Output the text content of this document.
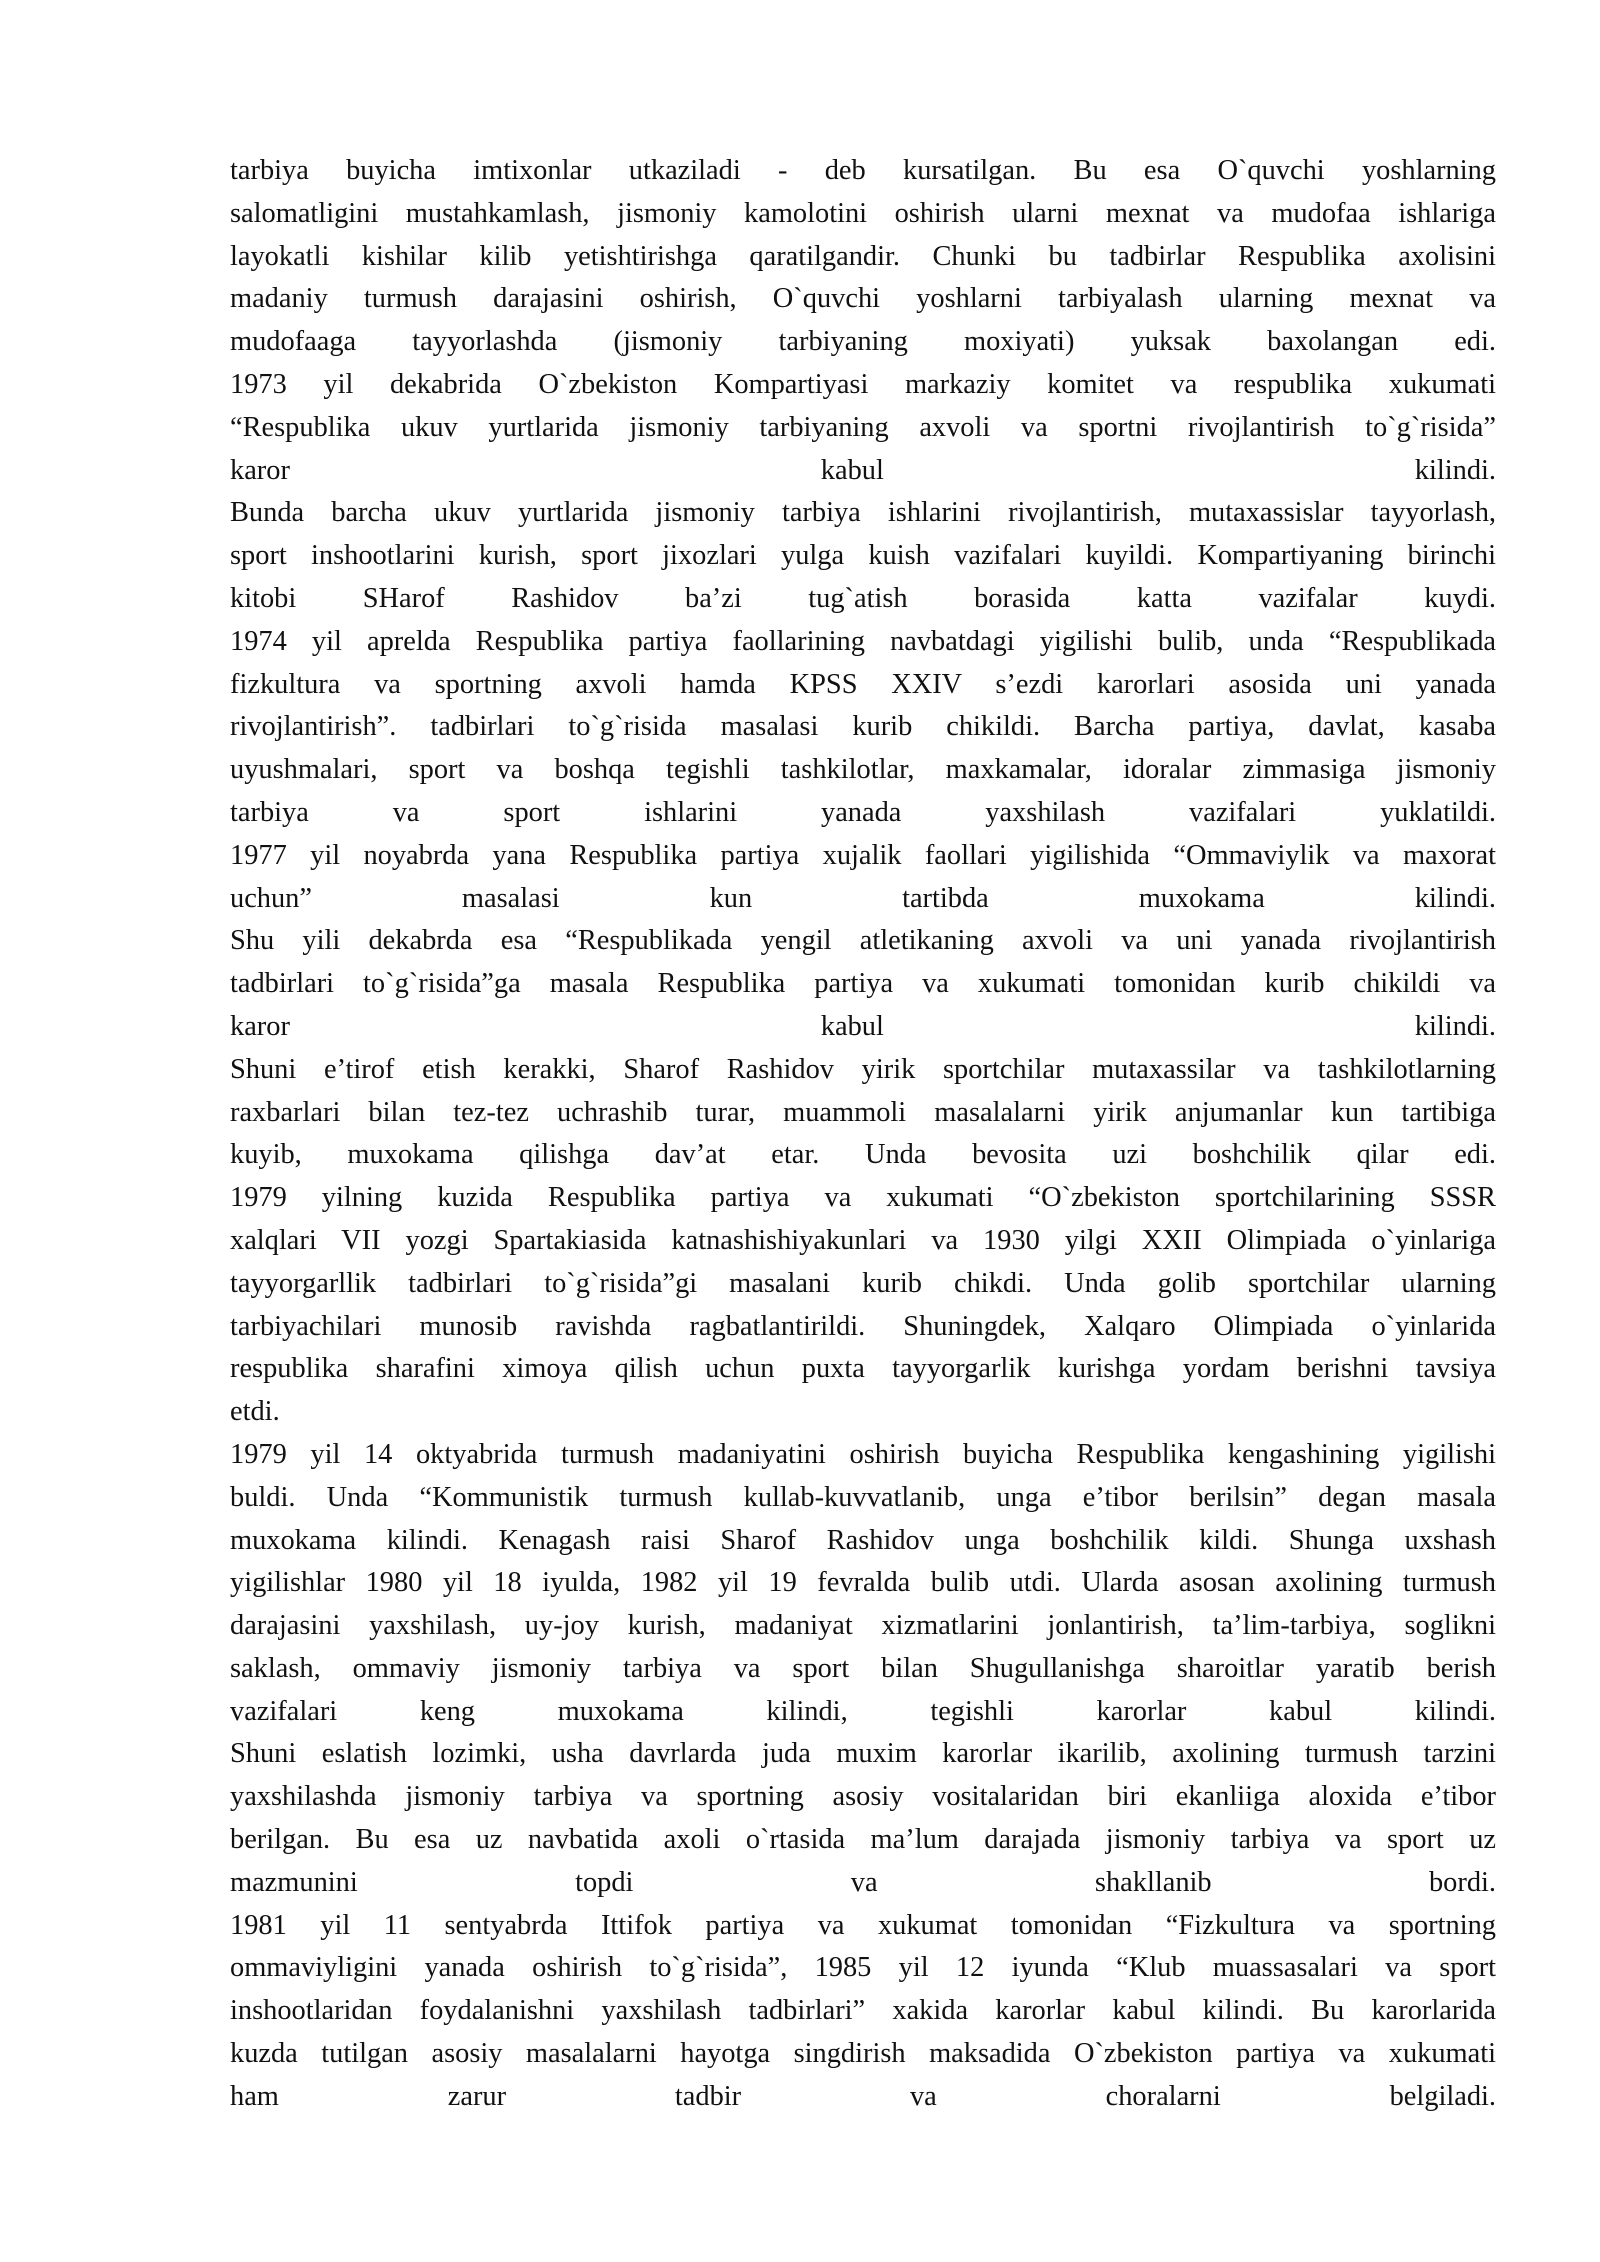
tarbiya buyicha imtixonlar utkaziladi - deb kursatilgan. Bu esa O`quvchi yoshlarning
salomatligini mustahkamlash, jismoniy kamolotini oshirish ularni mexnat va mudofaa ishlariga
layokatli kishilar kilib yetishtirishga qaratilgandir. Chunki bu tadbirlar Respublika axolisini
madaniy turmush darajasini oshirish, O`quvchi yoshlarni tarbiyalash ularning mexnat va
mudofaaga tayyorlashda (jismoniy tarbiyaning moxiyati) yuksak baxolangan edi.
1973 yil dekabrida O`zbekiston Kompartiyasi markaziy komitet va respublika xukumati
“Respublika ukuv yurtlarida jismoniy tarbiyaning axvoli va sportni rivojlantirish to`g`risida”
karor kabul kilindi.
Bunda barcha ukuv yurtlarida jismoniy tarbiya ishlarini rivojlantirish, mutaxassislar tayyorlash,
sport inshootlarini kurish, sport jixozlari yulga kuish vazifalari kuyildi. Kompartiyaning birinchi
kitobi SHarof Rashidov ba’zi tug`atish borasida katta vazifalar kuydi.
1974 yil aprelda Respublika partiya faollarining navbatdagi yigilishi bulib, unda “Respublikada
fizkultura va sportning axvoli hamda KPSS XXIV s’ezdi karorlari asosida uni yanada
rivojlantirish”. tadbirlari to`g`risida masalasi kurib chikildi. Barcha partiya, davlat, kasaba
uyushmalari, sport va boshqa tegishli tashkilotlar, maxkamalar, idoralar zimmasiga jismoniy
tarbiya va sport ishlarini yanada yaxshilash vazifalari yuklatildi.
1977 yil noyabrda yana Respublika partiya xujalik faollari yigilishida “Ommaviylik va maxorat
uchun” masalasi kun tartibda muxokama kilindi.
Shu yili dekabrda esa “Respublikada yengil atletikaning axvoli va uni yanada rivojlantirish
tadbirlari to`g`risida”ga masala Respublika partiya va xukumati tomonidan kurib chikildi va
karor kabul kilindi.
Shuni e’tirof etish kerakki, Sharof Rashidov yirik sportchilar mutaxassilar va tashkilotlarning
raxbarlari bilan tez-tez uchrashib turar, muammoli masalalarni yirik anjumanlar kun tartibiga
kuyib, muxokama qilishga dav’at etar. Unda bevosita uzi boshchilik qilar edi.
1979 yilning kuzida Respublika partiya va xukumati “O`zbekiston sportchilarining SSSR
xalqlari VII yozgi Spartakiasida katnashishiyakunlari va 1930 yilgi XXII Olimpiada o`yinlariga
tayyorgarllik tadbirlari to`g`risida”gi masalani kurib chikdi. Unda golib sportchilar ularning
tarbiyachilari munosib ravishda ragbatlantirildi. Shuningdek, Xalqaro Olimpiada o`yinlarida
respublika sharafini ximoya qilish uchun puxta tayyorgarlik kurishga yordam berishni tavsiya
etdi.
1979 yil 14 oktyabrida turmush madaniyatini oshirish buyicha Respublika kengashining yigilishi
buldi. Unda “Kommunistik turmush kullab-kuvvatlanib, unga e’tibor berilsin” degan masala
muxokama kilindi. Kenagash raisi Sharof Rashidov unga boshchilik kildi. Shunga uxshash
yigilishlar 1980 yil 18 iyulda, 1982 yil 19 fevralda bulib utdi. Ularda asosan axolining turmush
darajasini yaxshilash, uy-joy kurish, madaniyat xizmatlarini jonlantirish, ta’lim-tarbiya, soglikni
saklash, ommaviy jismoniy tarbiya va sport bilan Shugullanishga sharoitlar yaratib berish
vazifalari keng muxokama kilindi, tegishli karorlar kabul kilindi.
Shuni eslatish lozimki, usha davrlarda juda muxim karorlar ikarilib, axolining turmush tarzini
yaxshilashda jismoniy tarbiya va sportning asosiy vositalaridan biri ekanliiga aloxida e’tibor
berilgan. Bu esa uz navbatida axoli o`rtasida ma’lum darajada jismoniy tarbiya va sport uz
mazmunini topdi va shakllanib bordi.
1981 yil 11 sentyabrda Ittifok partiya va xukumat tomonidan “Fizkultura va sportning
ommaviyligini yanada oshirish to`g`risida”, 1985 yil 12 iyunda “Klub muassasalari va sport
inshootlaridan foydalanishni yaxshilash tadbirlari” xakida karorlar kabul kilindi. Bu karorlarida
kuzda tutilgan asosiy masalalarni hayotga singdirish maksadida O`zbekiston partiya va xukumati
ham zarur tadbir va choralarni belgiladi.
